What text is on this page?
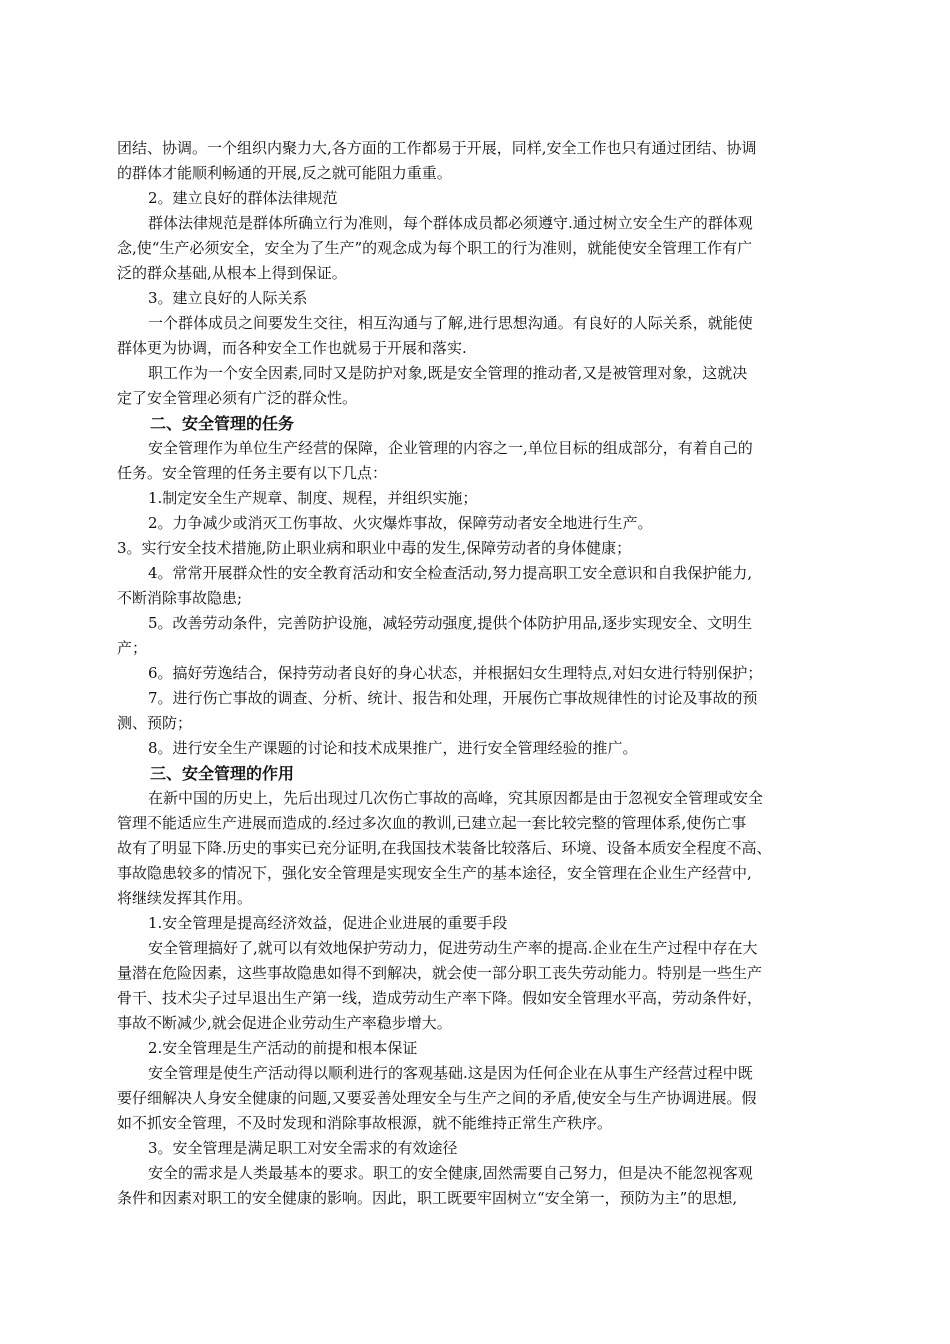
团结、协调。一个组织内聚力大,各方面的工作都易于开展，同样,安全工作也只有通过团结、协调
的群体才能顺利畅通的开展,反之就可能阻力重重。
2。建立良好的群体法律规范
群体法律规范是群体所确立行为准则，每个群体成员都必须遵守.通过树立安全生产的群体观
念,使“生产必须安全，安全为了生产”的观念成为每个职工的行为准则，就能使安全管理工作有广
泛的群众基础,从根本上得到保证。
3。建立良好的人际关系
一个群体成员之间要发生交往，相互沟通与了解,进行思想沟通。有良好的人际关系，就能使
群体更为协调，而各种安全工作也就易于开展和落实.
职工作为一个安全因素,同时又是防护对象,既是安全管理的推动者,又是被管理对象，这就决
定了安全管理必须有广泛的群众性。
二、安全管理的任务
安全管理作为单位生产经营的保障，企业管理的内容之一,单位目标的组成部分，有着自己的
任务。安全管理的任务主要有以下几点：
1.制定安全生产规章、制度、规程，并组织实施；
2。力争减少或消灭工伤事故、火灾爆炸事故，保障劳动者安全地进行生产。
3。实行安全技术措施,防止职业病和职业中毒的发生,保障劳动者的身体健康；
4。常常开展群众性的安全教育活动和安全检查活动,努力提高职工安全意识和自我保护能力,
不断消除事故隐患;
5。改善劳动条件，完善防护设施，减轻劳动强度,提供个体防护用品,逐步实现安全、文明生
产；
6。搞好劳逸结合，保持劳动者良好的身心状态，并根据妇女生理特点,对妇女进行特别保护；
7。进行伤亡事故的调查、分析、统计、报告和处理，开展伤亡事故规律性的讨论及事故的预
测、预防；
8。进行安全生产课题的讨论和技术成果推广，进行安全管理经验的推广。
三、安全管理的作用
在新中国的历史上，先后出现过几次伤亡事故的高峰，究其原因都是由于忽视安全管理或安全
管理不能适应生产进展而造成的.经过多次血的教训,已建立起一套比较完整的管理体系,使伤亡事
故有了明显下降.历史的事实已充分证明,在我国技术装备比较落后、环境、设备本质安全程度不高、
事故隐患较多的情况下，强化安全管理是实现安全生产的基本途径，安全管理在企业生产经营中,
将继续发挥其作用。
1.安全管理是提高经济效益，促进企业进展的重要手段
安全管理搞好了,就可以有效地保护劳动力，促进劳动生产率的提高.企业在生产过程中存在大
量潜在危险因素，这些事故隐患如得不到解决，就会使一部分职工丧失劳动能力。特别是一些生产
骨干、技术尖子过早退出生产第一线，造成劳动生产率下降。假如安全管理水平高，劳动条件好，
事故不断减少,就会促进企业劳动生产率稳步增大。
2.安全管理是生产活动的前提和根本保证
安全管理是使生产活动得以顺利进行的客观基础.这是因为任何企业在从事生产经营过程中既
要仔细解决人身安全健康的问题,又要妥善处理安全与生产之间的矛盾,使安全与生产协调进展。假
如不抓安全管理，不及时发现和消除事故根源，就不能维持正常生产秩序。
3。安全管理是满足职工对安全需求的有效途径
安全的需求是人类最基本的要求。职工的安全健康,固然需要自己努力，但是决不能忽视客观
条件和因素对职工的安全健康的影响。因此，职工既要牢固树立“安全第一，预防为主”的思想,
